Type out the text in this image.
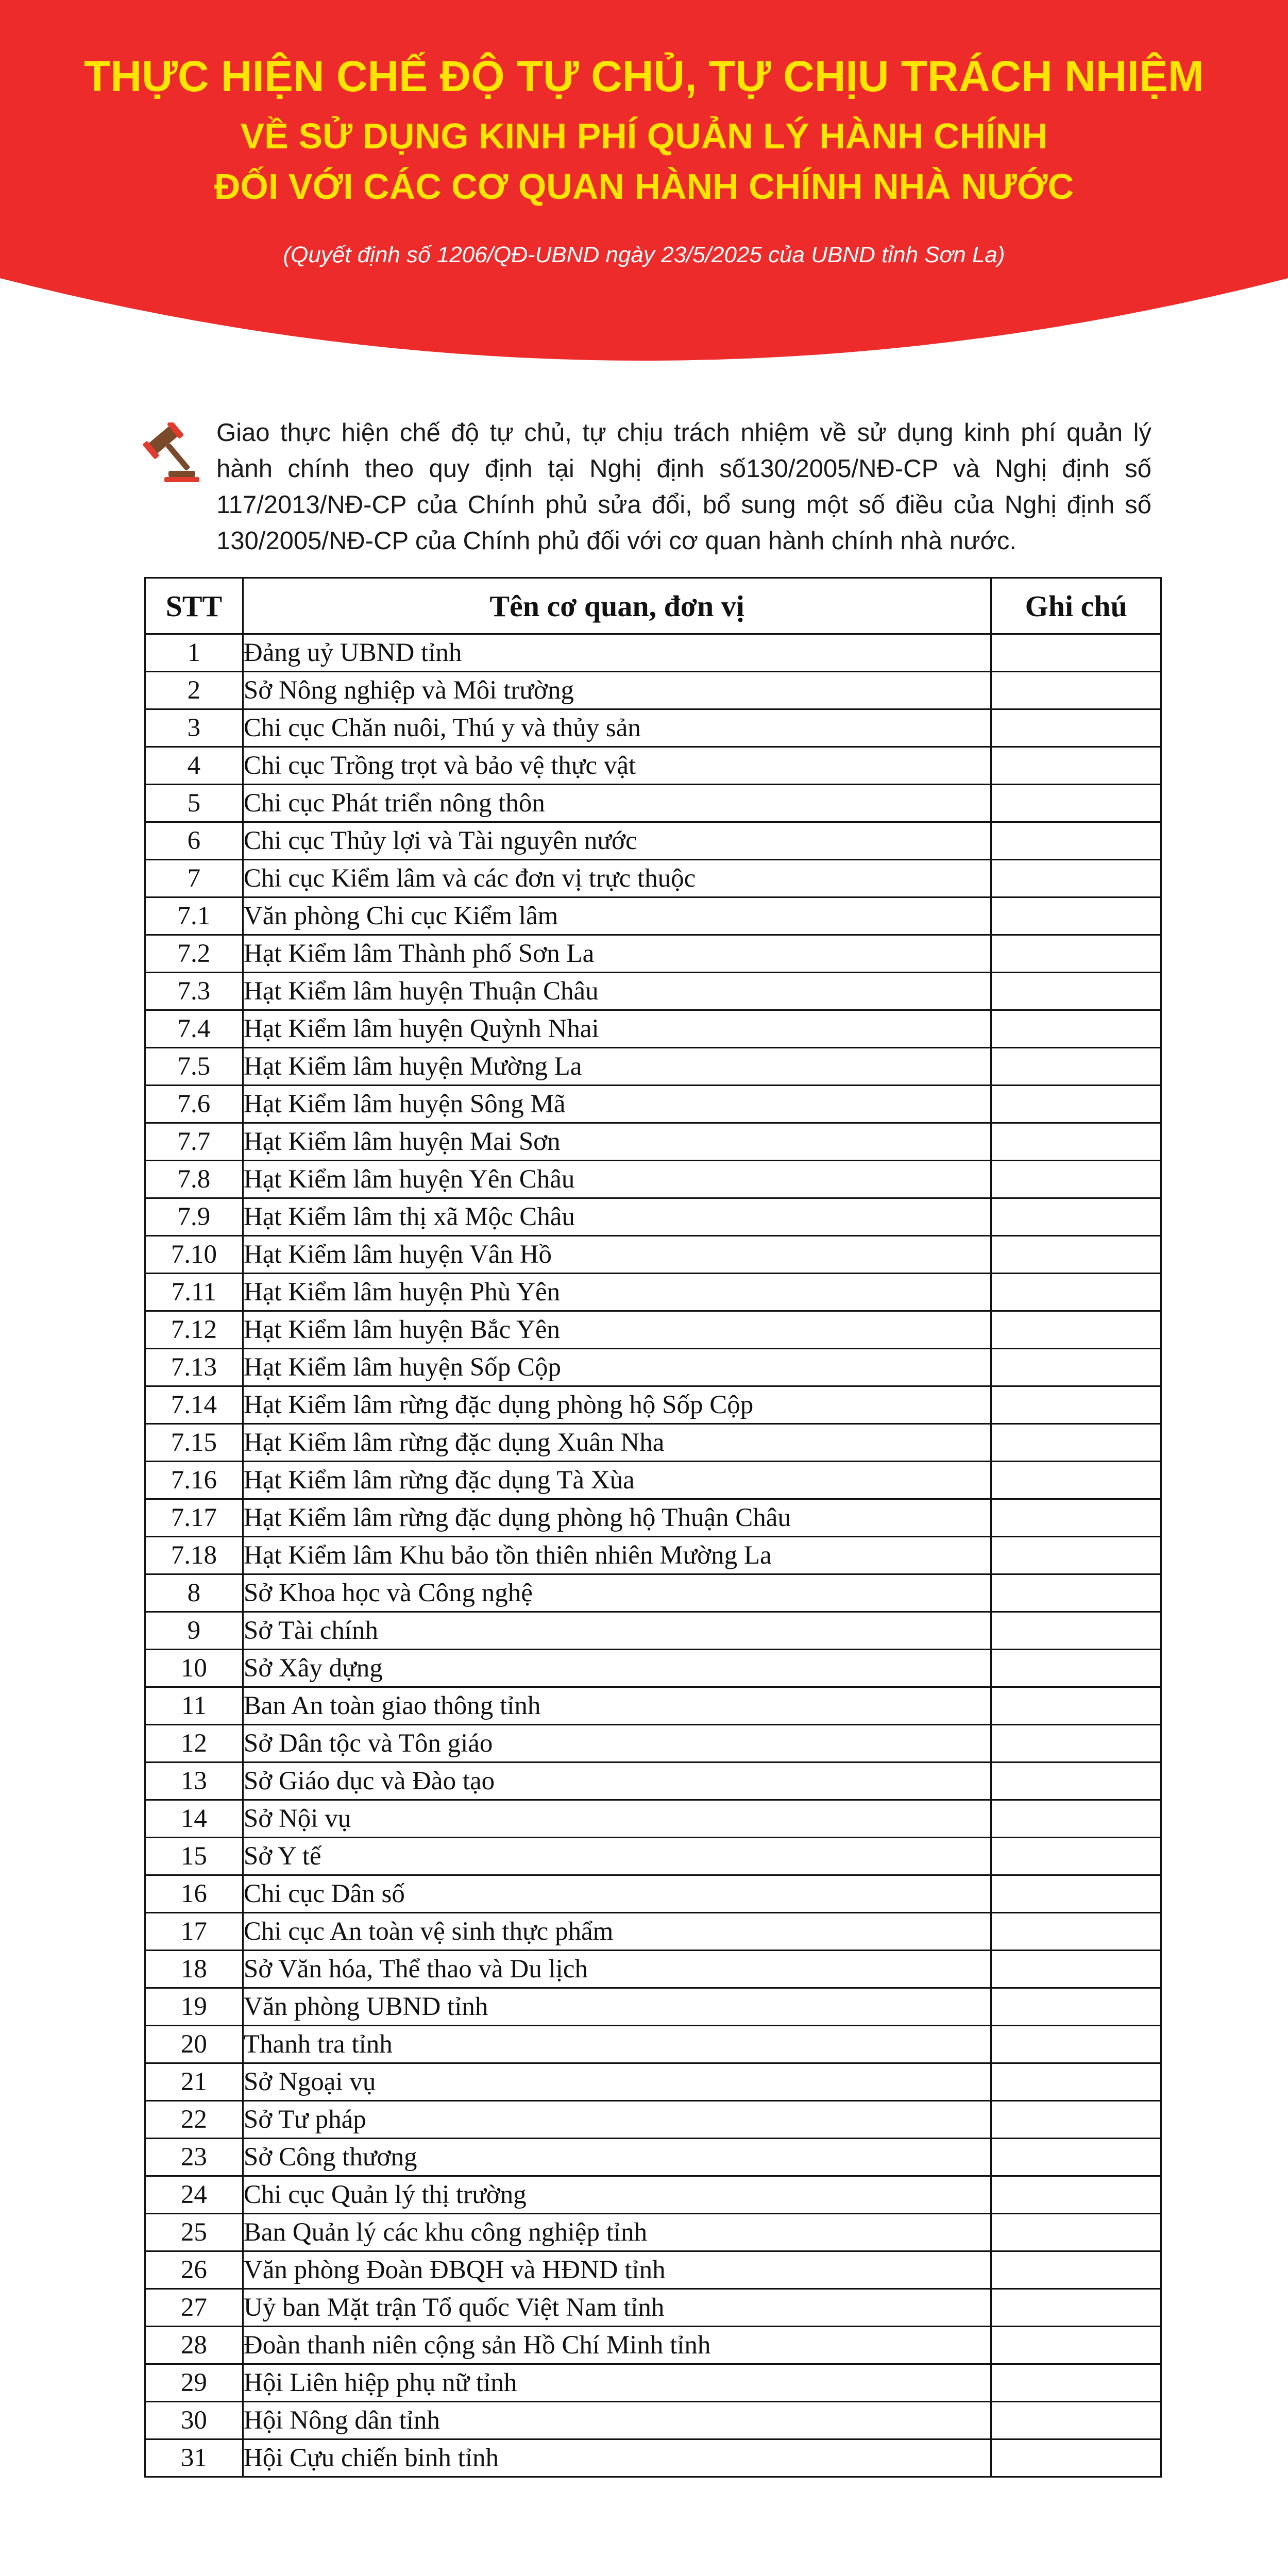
THỰC HIỆN CHẾ ĐỘ TỰ CHỦ, TỰ CHỊU TRÁCH NHIỆM
VỀ SỬ DỤNG KINH PHÍ QUẢN LÝ HÀNH CHÍNH
ĐỐI VỚI CÁC CƠ QUAN HÀNH CHÍNH NHÀ NƯỚC
(Quyết định số 1206/QĐ-UBND ngày 23/5/2025 của UBND tỉnh Sơn La)
Giao thực hiện chế độ tự chủ, tự chịu trách nhiệm về sử dụng kinh phí quản lý hành chính theo quy định tại Nghị định số130/2005/NĐ-CP và Nghị định số 117/2013/NĐ-CP của Chính phủ sửa đổi, bổ sung một số điều của Nghị định số 130/2005/NĐ-CP của Chính phủ đối với cơ quan hành chính nhà nước.
STT	Tên cơ quan, đơn vị	Ghi chú
1	Đảng uỷ UBND tỉnh	
2	Sở Nông nghiệp và Môi trường	
3	Chi cục Chăn nuôi, Thú y và thủy sản	
4	Chi cục Trồng trọt và bảo vệ thực vật	
5	Chi cục Phát triển nông thôn	
6	Chi cục Thủy lợi và Tài nguyên nước	
7	Chi cục Kiểm lâm và các đơn vị trực thuộc	
7.1	Văn phòng Chi cục Kiểm lâm	
7.2	Hạt Kiểm lâm Thành phố Sơn La	
7.3	Hạt Kiểm lâm huyện Thuận Châu	
7.4	Hạt Kiểm lâm huyện Quỳnh Nhai	
7.5	Hạt Kiểm lâm huyện Mường La	
7.6	Hạt Kiểm lâm huyện Sông Mã	
7.7	Hạt Kiểm lâm huyện Mai Sơn	
7.8	Hạt Kiểm lâm huyện Yên Châu	
7.9	Hạt Kiểm lâm thị xã Mộc Châu	
7.10	Hạt Kiểm lâm huyện Vân Hồ	
7.11	Hạt Kiểm lâm huyện Phù Yên	
7.12	Hạt Kiểm lâm huyện Bắc Yên	
7.13	Hạt Kiểm lâm huyện Sốp Cộp	
7.14	Hạt Kiểm lâm rừng đặc dụng phòng hộ Sốp Cộp	
7.15	Hạt Kiểm lâm rừng đặc dụng Xuân Nha	
7.16	Hạt Kiểm lâm rừng đặc dụng Tà Xùa	
7.17	Hạt Kiểm lâm rừng đặc dụng phòng hộ Thuận Châu	
7.18	Hạt Kiểm lâm Khu bảo tồn thiên nhiên Mường La	
8	Sở Khoa học và Công nghệ	
9	Sở Tài chính	
10	Sở Xây dựng	
11	Ban An toàn giao thông tỉnh	
12	Sở Dân tộc và Tôn giáo	
13	Sở Giáo dục và Đào tạo	
14	Sở Nội vụ	
15	Sở Y tế	
16	Chi cục Dân số	
17	Chi cục An toàn vệ sinh thực phẩm	
18	Sở Văn hóa, Thể thao và Du lịch	
19	Văn phòng UBND tỉnh	
20	Thanh tra tỉnh	
21	Sở Ngoại vụ	
22	Sở Tư pháp	
23	Sở Công thương	
24	Chi cục Quản lý thị trường	
25	Ban Quản lý các khu công nghiệp tỉnh	
26	Văn phòng Đoàn ĐBQH và HĐND tỉnh	
27	Uỷ ban Mặt trận Tổ quốc Việt Nam tỉnh	
28	Đoàn thanh niên cộng sản Hồ Chí Minh tỉnh	
29	Hội Liên hiệp phụ nữ tỉnh	
30	Hội Nông dân tỉnh	
31	Hội Cựu chiến binh tỉnh	
